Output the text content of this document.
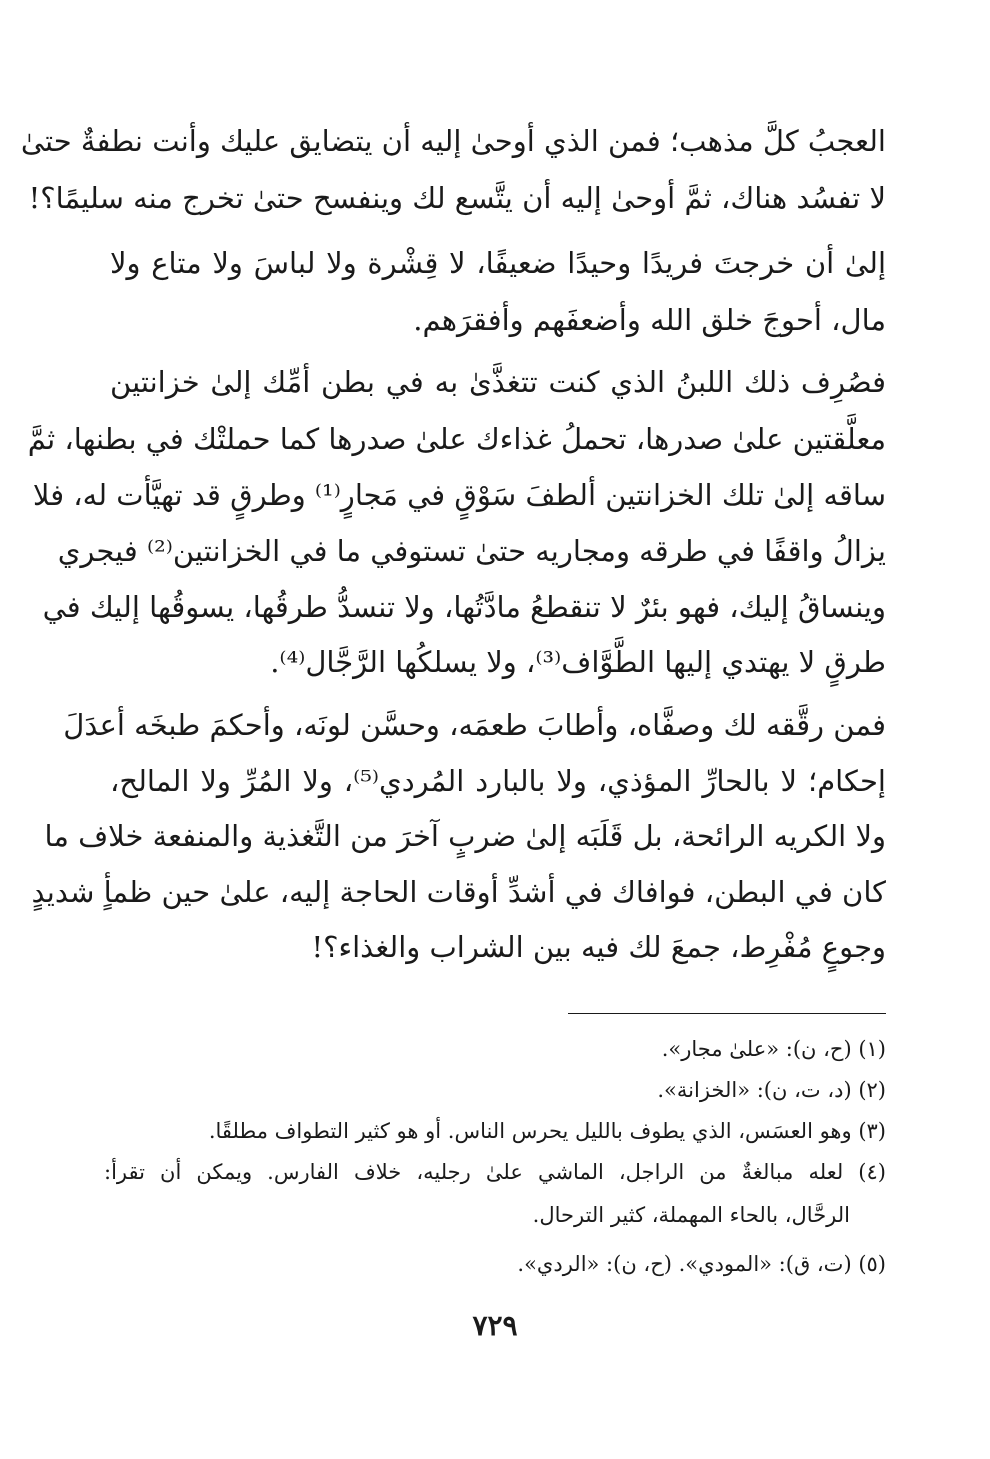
العجبُ كلَّ مذهب؛ فمن الذي أوحىٰ إليه أن يتضايق عليك وأنت نطفةٌ حتىٰ
لا تفسُد هناك، ثمَّ أوحىٰ إليه أن يتَّسع لك وينفسح حتىٰ تخرج منه سليمًا؟!
إلىٰ أن خرجتَ فريدًا وحيدًا ضعيفًا، لا قِشْرة ولا لباسَ ولا متاع ولا
مال، أحوجَ خلق الله وأضعفَهم وأفقرَهم.
فصُرِف ذلك اللبنُ الذي كنت تتغذَّىٰ به في بطن أمِّك إلىٰ خزانتين
معلَّقتين علىٰ صدرها، تحملُ غذاءك علىٰ صدرها كما حملتْك في بطنها، ثمَّ
ساقه إلىٰ تلك الخزانتين ألطفَ سَوْقٍ في مَجارٍ⁽¹⁾ وطرقٍ قد تهيَّأت له، فلا
يزالُ واقفًا في طرقه ومجاريه حتىٰ تستوفي ما في الخزانتين⁽²⁾ فيجري
وينساقُ إليك، فهو بئرٌ لا تنقطعُ مادَّتُها، ولا تنسدُّ طرقُها، يسوقُها إليك في
طرقٍ لا يهتدي إليها الطَّوَّاف⁽³⁾، ولا يسلكُها الرَّجَّال⁽⁴⁾.
فمن رقَّقه لك وصفَّاه، وأطابَ طعمَه، وحسَّن لونَه، وأحكمَ طبخَه أعدَلَ
إحكام؛ لا بالحارِّ المؤذي، ولا بالبارد المُردي⁽⁵⁾، ولا المُرِّ ولا المالح،
ولا الكريه الرائحة، بل قَلَبَه إلىٰ ضربٍ آخرَ من التَّغذية والمنفعة خلاف ما
كان في البطن، فوافاك في أشدِّ أوقات الحاجة إليه، علىٰ حين ظمأٍ شديدٍ
وجوعٍ مُفْرِط، جمعَ لك فيه بين الشراب والغذاء؟!
(١) (ح، ن): «علىٰ مجار».
(٢) (د، ت، ن): «الخزانة».
(٣) وهو العسَس، الذي يطوف بالليل يحرس الناس. أو هو كثير التطواف مطلقًا.
(٤) لعله مبالغةٌ من الراجل، الماشي علىٰ رجليه، خلاف الفارس. ويمكن أن تقرأ:
الرحَّال، بالحاء المهملة، كثير الترحال.
(٥) (ت، ق): «المودي». (ح، ن): «الردي».
٧٢٩
